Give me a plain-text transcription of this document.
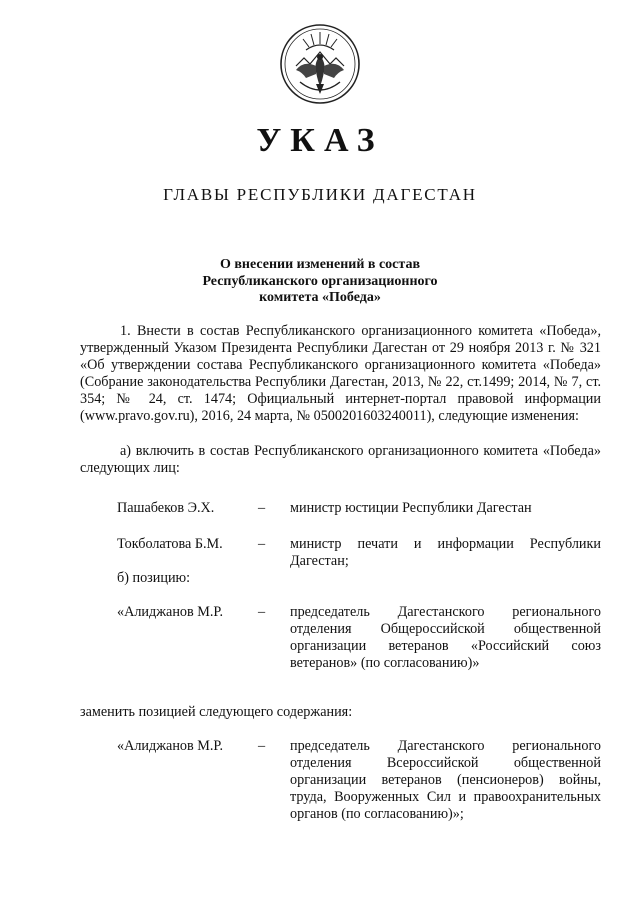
УКАЗ
ГЛАВЫ РЕСПУБЛИКИ ДАГЕСТАН
О внесении изменений в состав
Республиканского организационного
комитета «Победа»
1. Внести в состав Республиканского организационного комитета «Победа», утвержденный Указом Президента Республики Дагестан от 29 ноября 2013 г. № 321 «Об утверждении состава Республиканского организационного комитета «Победа» (Собрание законодательства Республики Дагестан, 2013, № 22, ст.1499; 2014, № 7, ст. 354; № 24, ст. 1474; Официальный интернет-портал правовой информации (www.pravo.gov.ru), 2016, 24 марта, № 0500201603240011), следующие изменения:
а) включить в состав Республиканского организационного комитета «Победа» следующих лиц:
Пашабеков Э.Х.	– министр юстиции Республики Дагестан
Токболатова Б.М. – министр печати и информации Республики Дагестан;
б) позицию:
«Алиджанов М.Р. – председатель Дагестанского регионального отделения Общероссийской общественной организации ветеранов «Российский союз ветеранов» (по согласованию)»
заменить позицией следующего содержания:
«Алиджанов М.Р. – председатель Дагестанского регионального отделения Всероссийской общественной организации ветеранов (пенсионеров) войны, труда, Вооруженных Сил и правоохранительных органов (по согласованию)»;
